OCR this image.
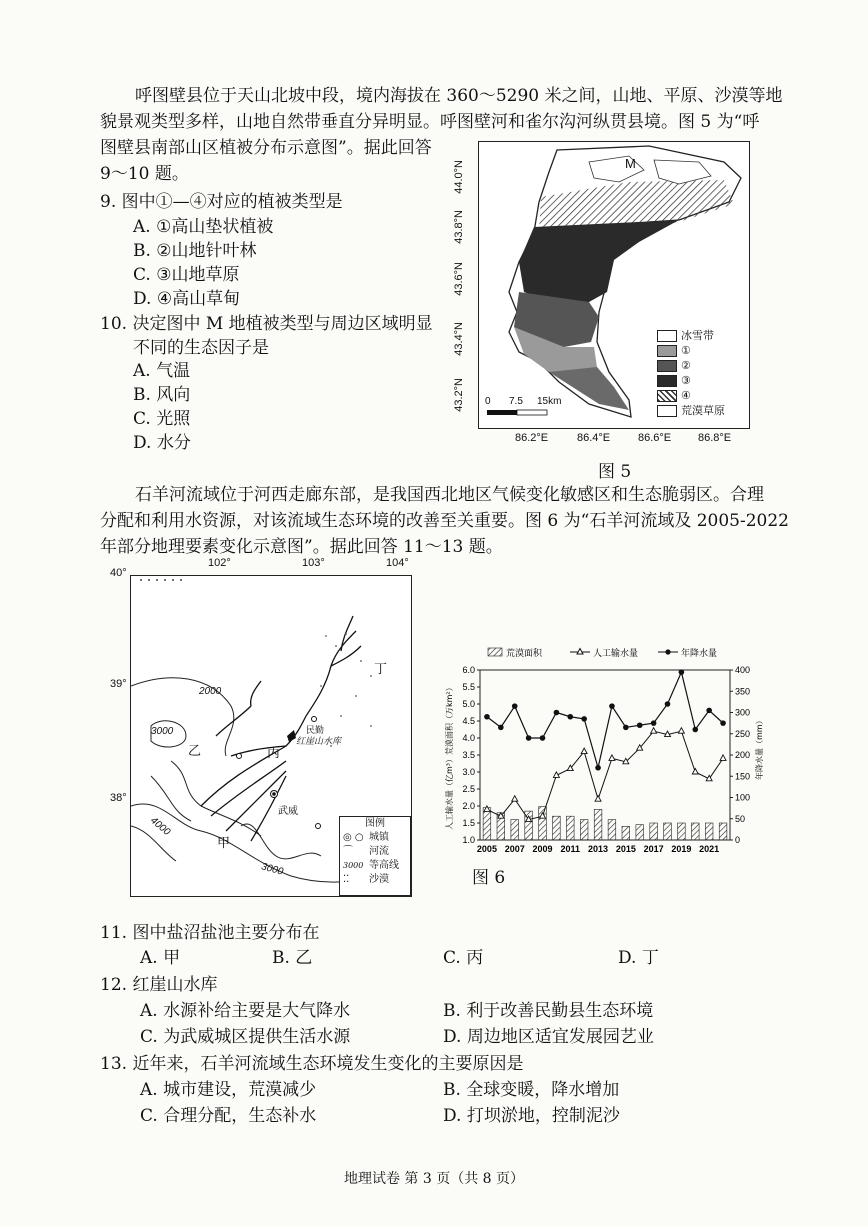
呼图壁县位于天山北坡中段，境内海拔在 360～5290 米之间，山地、平原、沙漠等地
貌景观类型多样，山地自然带垂直分异明显。呼图壁河和雀尔沟河纵贯县境。图 5 为“呼
图壁县南部山区植被分布示意图”。据此回答
9～10 题。
9. 图中①—④对应的植被类型是
A. ①高山垫状植被
B. ②山地针叶林
C. ③山地草原
D. ④高山草甸
10. 决定图中 M 地植被类型与周边区域明显
不同的生态因子是
A. 气温
B. 风向
C. 光照
D. 水分
44.0°N
43.8°N
43.6°N
43.4°N
43.2°N
M
0 7.5 15km
冰雪带
①
②
③
④
荒漠草原
86.2°E	86.4°E	86.6°E 86.8°E
图 5
石羊河流域位于河西走廊东部，是我国西北地区气候变化敏感区和生态脆弱区。合理
分配和利用水资源，对该流域生态环境的改善至关重要。图 6 为“石羊河流域及 2005-2022
年部分地理要素变化示意图”。据此回答 11～13 题。
102°	103°	104°
40°
39°
38°
丁
乙	丙
甲
民勤
红崖山水库
武威
2000
3000
4000
3000
图例
◎ ○ 城镇
⌒	河流
3000 等高线
⁚⁚	沙漠
1.0
1.5
2.0
2.5
3.0
3.5
4.0
4.5
5.0
5.5
6.0
0
50
100
150
200
250
300
350
400
2005 2007 2009 2011 2013 2015 2017 2019 2021
人工输水量（亿m³）荒漠面积（万km²）	年降水量（mm）
荒漠面积	人工输水量	年降水量
图 6
11. 图中盐沼盐池主要分布在
A. 甲	B. 乙	C. 丙	D. 丁
12. 红崖山水库
A. 水源补给主要是大气降水	B. 利于改善民勤县生态环境
C. 为武威城区提供生活水源	D. 周边地区适宜发展园艺业
13. 近年来，石羊河流域生态环境发生变化的主要原因是
A. 城市建设，荒漠减少	B. 全球变暖，降水增加
C. 合理分配，生态补水	D. 打坝淤地，控制泥沙
地理试卷 第 3 页（共 8 页）
